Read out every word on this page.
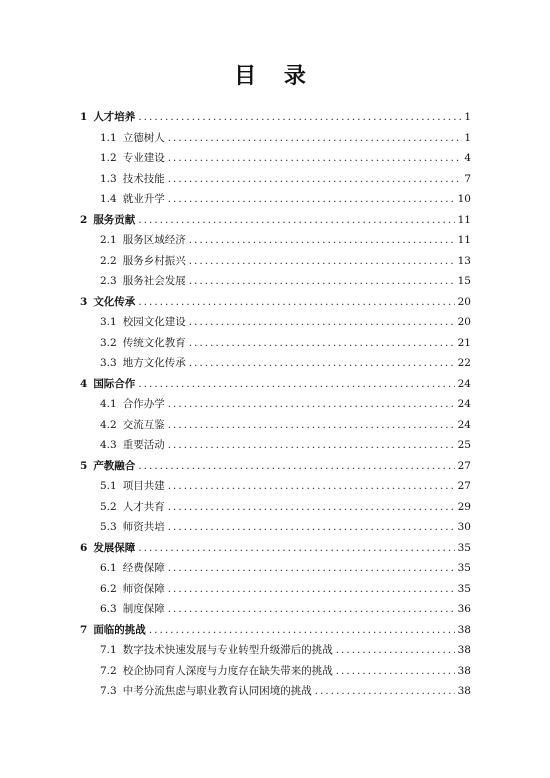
目 录
1 人才培养 .....	1
1.1 立德树人 .....	1
1.2 专业建设 .....	4
1.3 技术技能 .....	7
1.4 就业升学 .....	10
2 服务贡献 .....	11
2.1 服务区域经济 .....	11
2.2 服务乡村振兴 .....	13
2.3 服务社会发展 .....	15
3 文化传承 .....	20
3.1 校园文化建设 .....	20
3.2 传统文化教育 .....	21
3.3 地方文化传承 .....	22
4 国际合作 .....	24
4.1 合作办学 .....	24
4.2 交流互鉴 .....	24
4.3 重要活动 .....	25
5 产教融合 .....	27
5.1 项目共建 .....	27
5.2 人才共育 .....	29
5.3 师资共培 .....	30
6 发展保障 .....	35
6.1 经费保障 .....	35
6.2 师资保障 .....	35
6.3 制度保障 .....	36
7 面临的挑战 .....	38
7.1 数字技术快速发展与专业转型升级滞后的挑战 .....	38
7.2 校企协同育人深度与力度存在缺失带来的挑战 .....	38
7.3 中考分流焦虑与职业教育认同困境的挑战 .....	38
